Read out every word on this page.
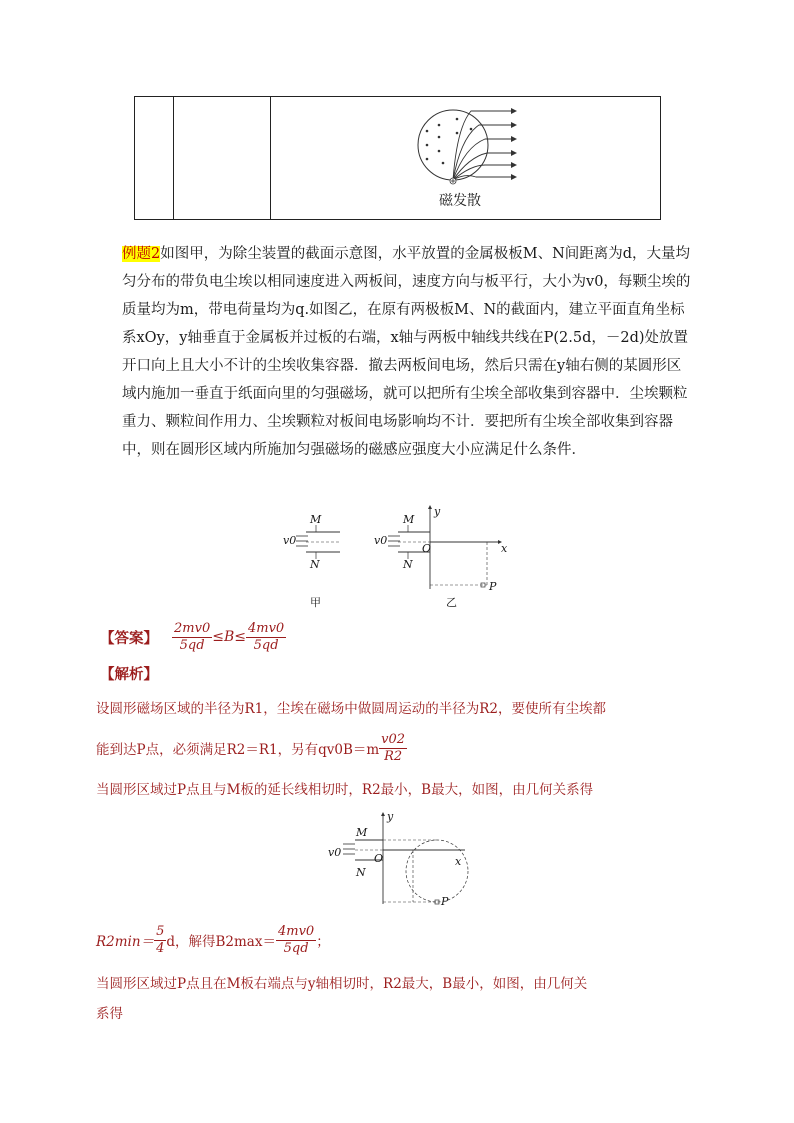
磁发散
例题2如图甲，为除尘装置的截面示意图，水平放置的金属极板M、N间距离为d，大量均匀分布的带负电尘埃以相同速度进入两板间，速度方向与板平行，大小为v0，每颗尘埃的质量均为m，带电荷量均为q.如图乙，在原有两极板M、N的截面内，建立平面直角坐标系xOy，y轴垂直于金属板并过板的右端，x轴与两板中轴线共线在P(2.5d，－2d)处放置开口向上且大小不计的尘埃收集容器．撤去两板间电场，然后只需在y轴右侧的某圆形区域内施加一垂直于纸面向里的匀强磁场，就可以把所有尘埃全部收集到容器中．尘埃颗粒重力、颗粒间作用力、尘埃颗粒对板间电场影响均不计．要把所有尘埃全部收集到容器中，则在圆形区域内所施加匀强磁场的磁感应强度大小应满足什么条件．
M
N
v0
M
N
v0
O	x
y
P
甲	乙
【答案】 $\frac{2mv0}{5qd} \le B\le \frac{4mv0}{5qd}$
【解析】
设圆形磁场区域的半径为R1，尘埃在磁场中做圆周运动的半径为R2，要使所有尘埃都
能到达P点，必须满足R2＝R1，另有$qv0B=m \frac{v02}{R2}$
当圆形区域过P点且与M板的延长线相切时，R2最小，B最大，如图，由几何关系得
M
N
v0	O	x
y
P
$R2\min= \frac{5}{4}$ d，解得$B2\max= \frac{4mv0}{5qd}$ ；
当圆形区域过P点且在M板右端点与y轴相切时，R2最大，B最小，如图，由几何关
系得
